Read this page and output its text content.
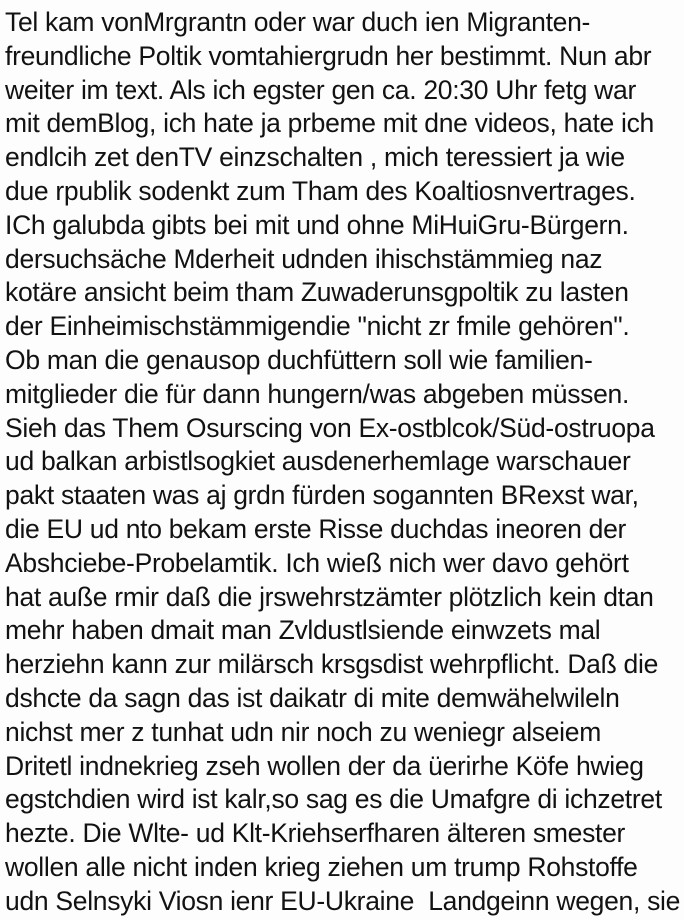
Tel kam vonMrgrantn oder war duch ien Migranten-
freundliche Poltik vomtahiergrudn her bestimmt. Nun abr
weiter im text. Als ich egster gen ca. 20:30 Uhr fetg war
mit demBlog, ich hate ja prbeme mit dne videos, hate ich
endlcih zet denTV einzschalten , mich teressiert ja wie
due rpublik sodenkt zum Tham des Koaltiosnvertrages.
ICh galubda gibts bei mit und ohne MiHuiGru-Bürgern.
dersuchsäche Mderheit udnden ihischstämmieg naz
kotäre ansicht beim tham Zuwaderunsgpoltik zu lasten
der Einheimischstämmigendie "nicht zr fmile gehören".
Ob man die genausop duchfüttern soll wie familien-
mitglieder die für dann hungern/was abgeben müssen.
Sieh das Them Osurscing von Ex-ostblcok/Süd-ostruopa
ud balkan arbistlsogkiet ausdenerhemlage warschauer
pakt staaten was aj grdn fürden sogannten BRexst war,
die EU ud nto bekam erste Risse duchdas ineoren der
Abshciebe-Probelamtik. Ich wieß nich wer davo gehört
hat auße rmir daß die jrswehrstzämter plötzlich kein dtan
mehr haben dmait man Zvldustlsiende einwzets mal
herziehn kann zur milärsch krsgsdist wehrpflicht. Daß die
dshcte da sagn das ist daikatr di mite demwähelwileln
nichst mer z tunhat udn nir noch zu weniegr alseiem
Dritetl indnekrieg zseh wollen der da üerirhe Köfe hwieg
egstchdien wird ist kalr,so sag es die Umafgre di ichzetret
hezte. Die Wlte- ud Klt-Kriehserfharen älteren smester
wollen alle nicht inden krieg ziehen um trump Rohstoffe
udn Selnsyki Viosn ienr EU-Ukraine  Landgeinn wegen, sie
